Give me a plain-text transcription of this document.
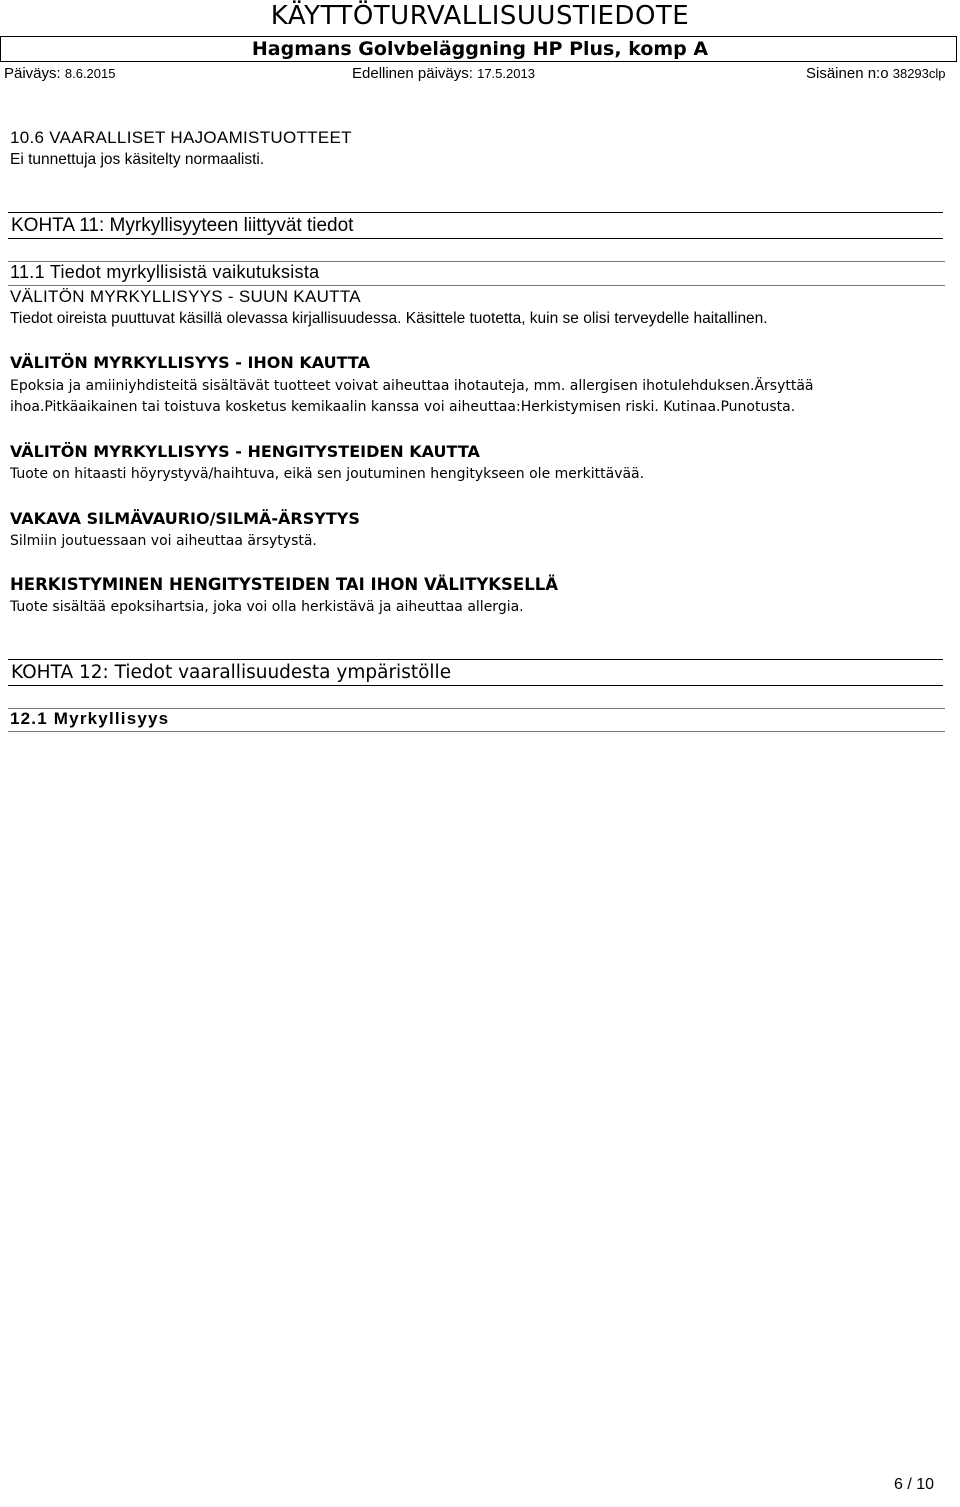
KÄYTTÖTURVALLISUUSTIEDOTE
Hagmans Golvbeläggning HP Plus, komp A
Päiväys: 8.6.2015	Edellinen päiväys: 17.5.2013	Sisäinen n:o 38293clp
10.6 VAARALLISET HAJOAMISTUOTTEET
Ei tunnettuja jos käsitelty normaalisti.
KOHTA 11: Myrkyllisyyteen liittyvät tiedot
11.1 Tiedot myrkyllisistä vaikutuksista
VÄLITÖN MYRKYLLISYYS - SUUN KAUTTA
Tiedot oireista puuttuvat käsillä olevassa kirjallisuudessa. Käsittele tuotetta, kuin se olisi terveydelle haitallinen.
VÄLITÖN MYRKYLLISYYS - IHON KAUTTA
Epoksia ja amiiniyhdisteitä sisältävät tuotteet voivat aiheuttaa ihotauteja, mm. allergisen ihotulehduksen.Ärsyttää
ihoa.Pitkäaikainen tai toistuva kosketus kemikaalin kanssa voi aiheuttaa:Herkistymisen riski. Kutinaa.Punotusta.
VÄLITÖN MYRKYLLISYYS - HENGITYSTEIDEN KAUTTA
Tuote on hitaasti höyrystyvä/haihtuva, eikä sen joutuminen hengitykseen ole merkittävää.
VAKAVA SILMÄVAURIO/SILMÄ-ÄRSYTYS
Silmiin joutuessaan voi aiheuttaa ärsytystä.
HERKISTYMINEN HENGITYSTEIDEN TAI IHON VÄLITYKSELLÄ
Tuote sisältää epoksihartsia, joka voi olla herkistävä ja aiheuttaa allergia.
KOHTA 12: Tiedot vaarallisuudesta ympäristölle
12.1 Myrkyllisyys
6 / 10
